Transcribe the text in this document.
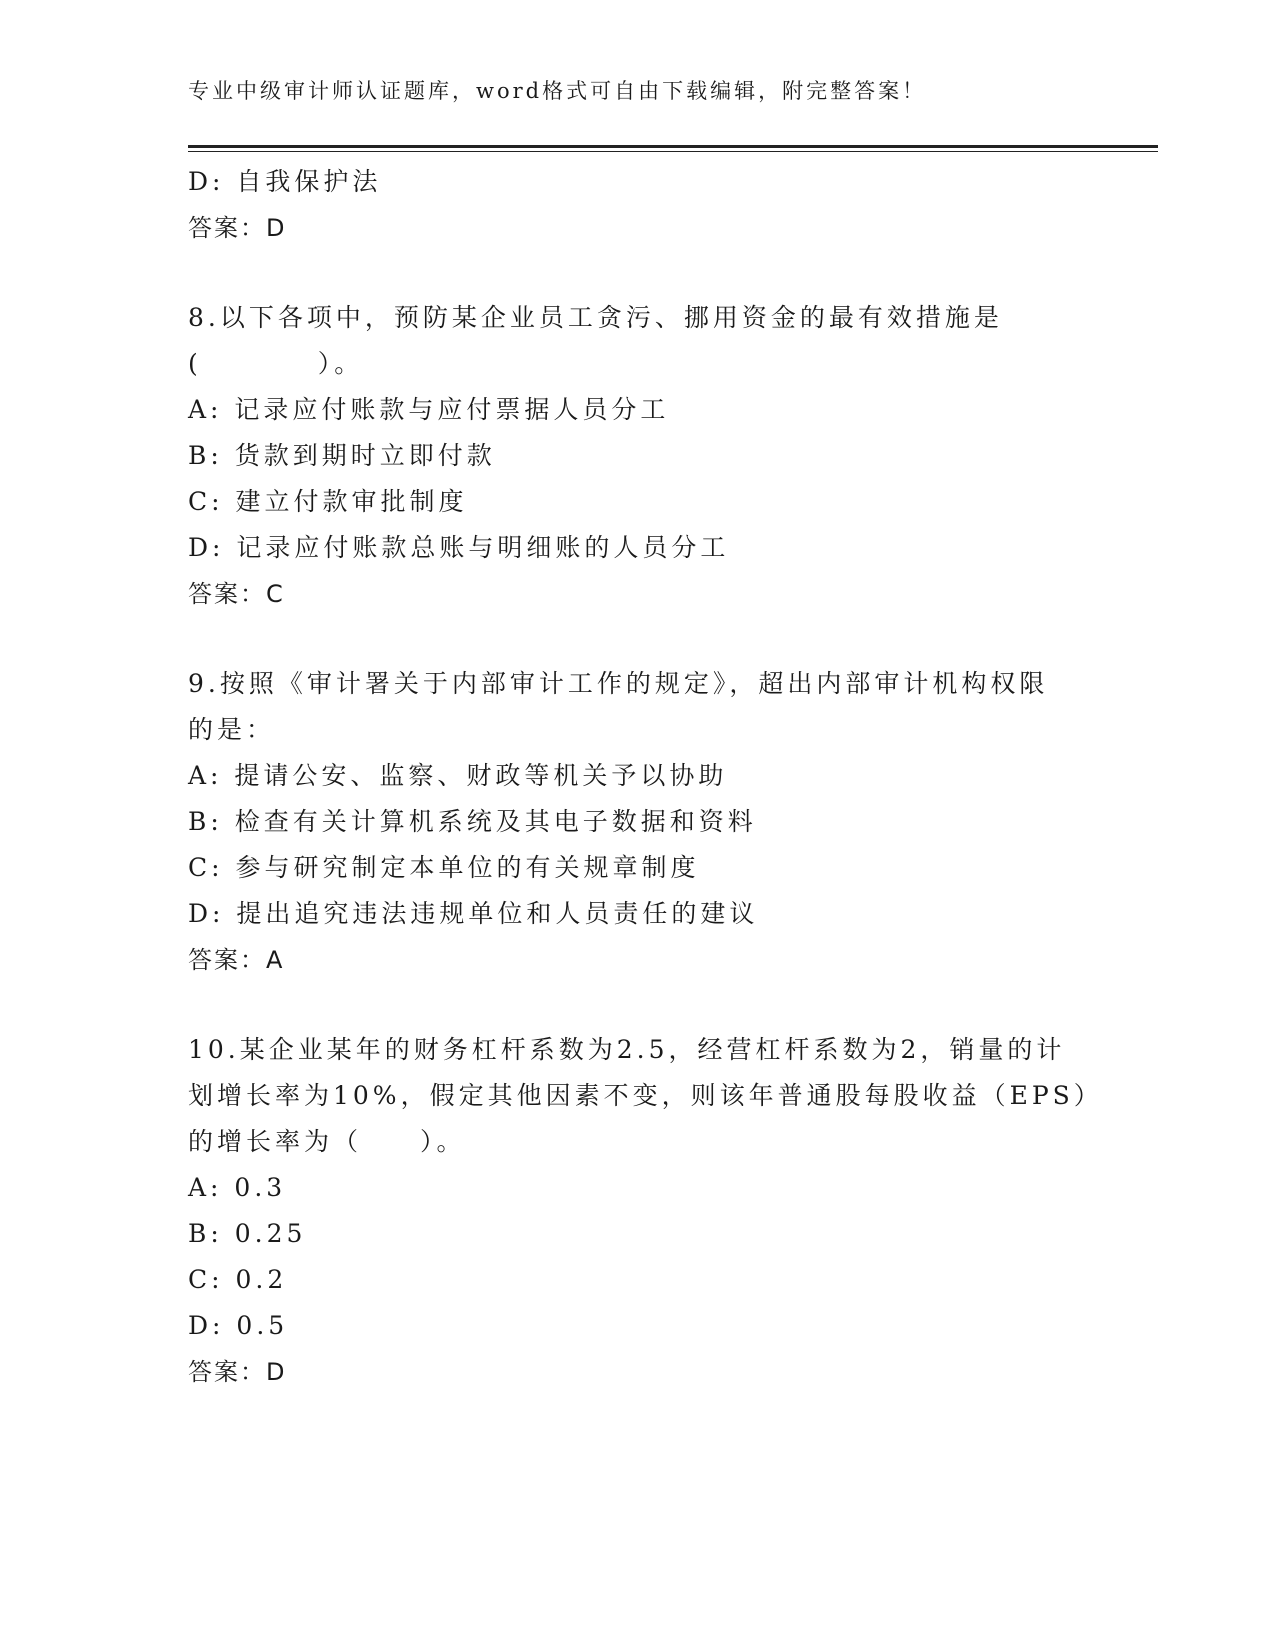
专业中级审计师认证题库，word格式可自由下载编辑，附完整答案！
D: 自我保护法
答案：D
8.以下各项中，预防某企业员工贪污、挪用资金的最有效措施是
(　　　　）。
A: 记录应付账款与应付票据人员分工
B: 货款到期时立即付款
C: 建立付款审批制度
D: 记录应付账款总账与明细账的人员分工
答案：C
9.按照《审计署关于内部审计工作的规定》，超出内部审计机构权限
的是：
A: 提请公安、监察、财政等机关予以协助
B: 检查有关计算机系统及其电子数据和资料
C: 参与研究制定本单位的有关规章制度
D: 提出追究违法违规单位和人员责任的建议
答案：A
10.某企业某年的财务杠杆系数为2.5，经营杠杆系数为2，销量的计
划增长率为10%，假定其他因素不变，则该年普通股每股收益（EPS）
的增长率为（　　）。
A: 0.3
B: 0.25
C: 0.2
D: 0.5
答案：D
